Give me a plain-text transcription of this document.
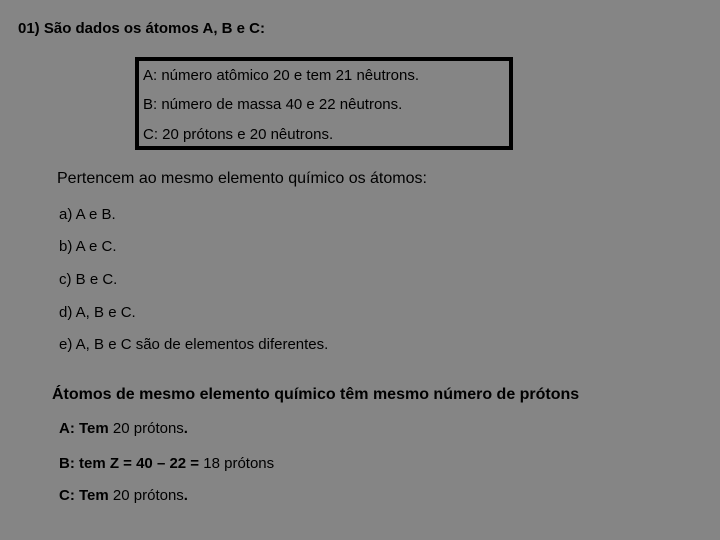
01) São dados os átomos A, B e C:
A: número atômico 20 e tem 21 nêutrons.
B: número de massa 40 e 22 nêutrons.
C: 20 prótons e 20 nêutrons.
Pertencem ao mesmo elemento químico os átomos:
a) A e B.
b) A e C.
c) B e C.
d) A, B e C.
e) A, B e C são de elementos diferentes.
Átomos de mesmo elemento químico têm mesmo número de prótons
A: Tem 20 prótons.
B: tem Z = 40 – 22 = 18 prótons
C: Tem 20 prótons.
